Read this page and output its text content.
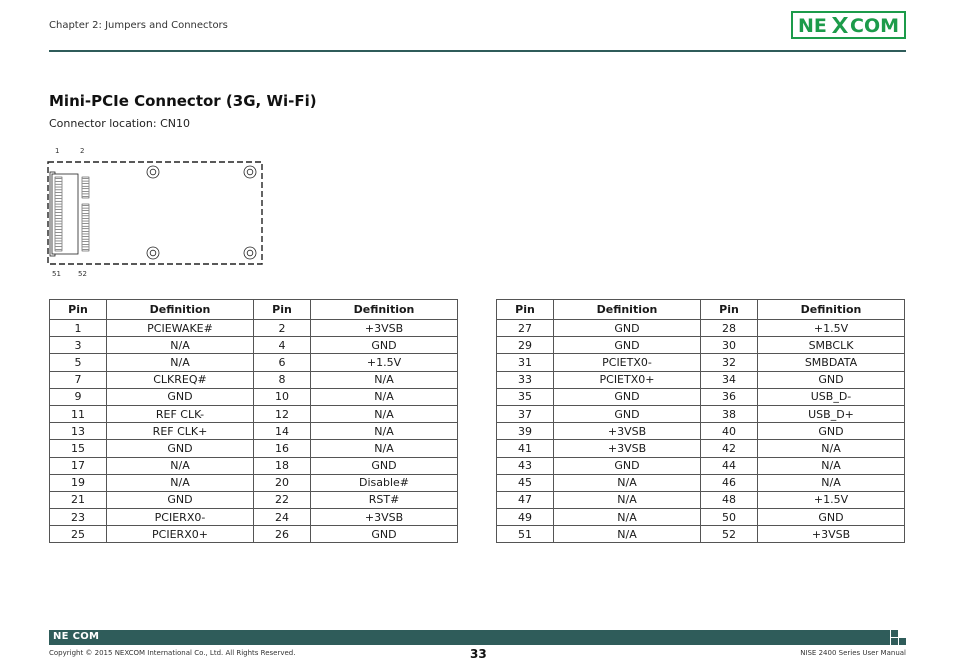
Chapter 2: Jumpers and Connectors	NE COM
Mini-PCIe Connector (3G, Wi-Fi)
Connector location: CN10
1	2
51 52
Pin	Definition	Pin	Definition
1	PCIEWAKE#	2	+3VSB
3	N/A	4	GND
5	N/A	6	+1.5V
7	CLKREQ#	8	N/A
9	GND	10	N/A
11	REF CLK-	12	N/A
13	REF CLK+	14	N/A
15	GND	16	N/A
17	N/A	18	GND
19	N/A	20	Disable#
21	GND	22	RST#
23	PCIERX0-	24	+3VSB
25	PCIERX0+	26	GND
Pin	Definition	Pin	Definition
27	GND	28	+1.5V
29	GND	30	SMBCLK
31	PCIETX0-	32	SMBDATA
33	PCIETX0+	34	GND
35	GND	36	USB_D-
37	GND	38	USB_D+
39	+3VSB	40	GND
41	+3VSB	42	N/A
43	GND	44	N/A
45	N/A	46	N/A
47	N/A	48	+1.5V
49	N/A	50	GND
51	N/A	52	+3VSB
NE COM
Copyright © 2015 NEXCOM International Co., Ltd. All Rights Reserved.	33	NISE 2400 Series User Manual
